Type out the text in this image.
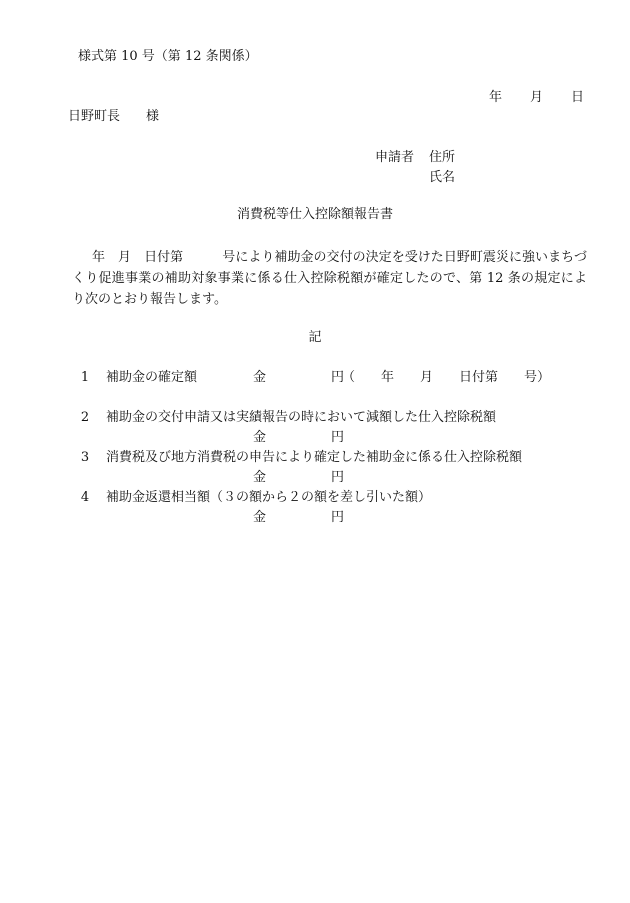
様式第 10 号（第 12 条関係）
年 月 日
日野町長　　様
申請者 住所
氏名
消費税等仕入控除額報告書
年　月　日付第　　　号により補助金の交付の決定を受けた日野町震災に強いまちづくり促進事業の補助対象事業に係る仕入控除税額が確定したので、第 12 条の規定により次のとおり報告します。
記
1 補助金の確定額	金	円
（　　年　　月　　日付第　　号）
2 補助金の交付申請又は実績報告の時において減額した仕入控除税額
金	円
3 消費税及び地方消費税の申告により確定した補助金に係る仕入控除税額
金	円
4 補助金返還相当額（３の額から２の額を差し引いた額）
金	円
